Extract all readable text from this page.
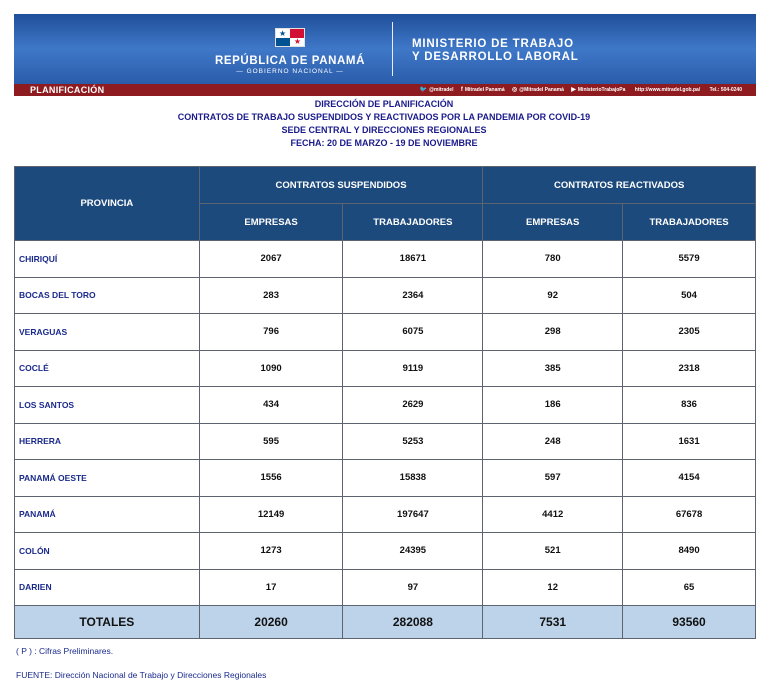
★
★
REPÚBLICA DE PANAMÁ
— GOBIERNO NACIONAL —
MINISTERIO DE TRABAJO
Y DESARROLLO LABORAL
PLANIFICACIÓN	🐦 @mitradel f Mitradel Panamá ◎ @Mitradel Panamá ▶ MinisterioTrabajoPa http://www.mitradel.gob.pa/ Tel.: 504-0240
DIRECCIÓN DE PLANIFICACIÓN
CONTRATOS DE TRABAJO SUSPENDIDOS Y REACTIVADOS POR LA PANDEMIA POR COVID-19
SEDE CENTRAL Y DIRECCIONES REGIONALES
FECHA: 20 DE MARZO - 19 DE NOVIEMBRE
PROVINCIA	CONTRATOS SUSPENDIDOS		CONTRATOS REACTIVADOS	
	EMPRESAS	TRABAJADORES	EMPRESAS	TRABAJADORES
CHIRIQUÍ	2067	18671	780	5579
BOCAS DEL TORO	283	2364	92	504
VERAGUAS	796	6075	298	2305
COCLÉ	1090	9119	385	2318
LOS SANTOS	434	2629	186	836
HERRERA	595	5253	248	1631
PANAMÁ OESTE	1556	15838	597	4154
PANAMÁ	12149	197647	4412	67678
COLÓN	1273	24395	521	8490
DARIEN	17	97	12	65
TOTALES	20260	282088	7531	93560
( P ) : Cifras Preliminares.
FUENTE: Dirección Nacional de Trabajo y Direcciones Regionales
